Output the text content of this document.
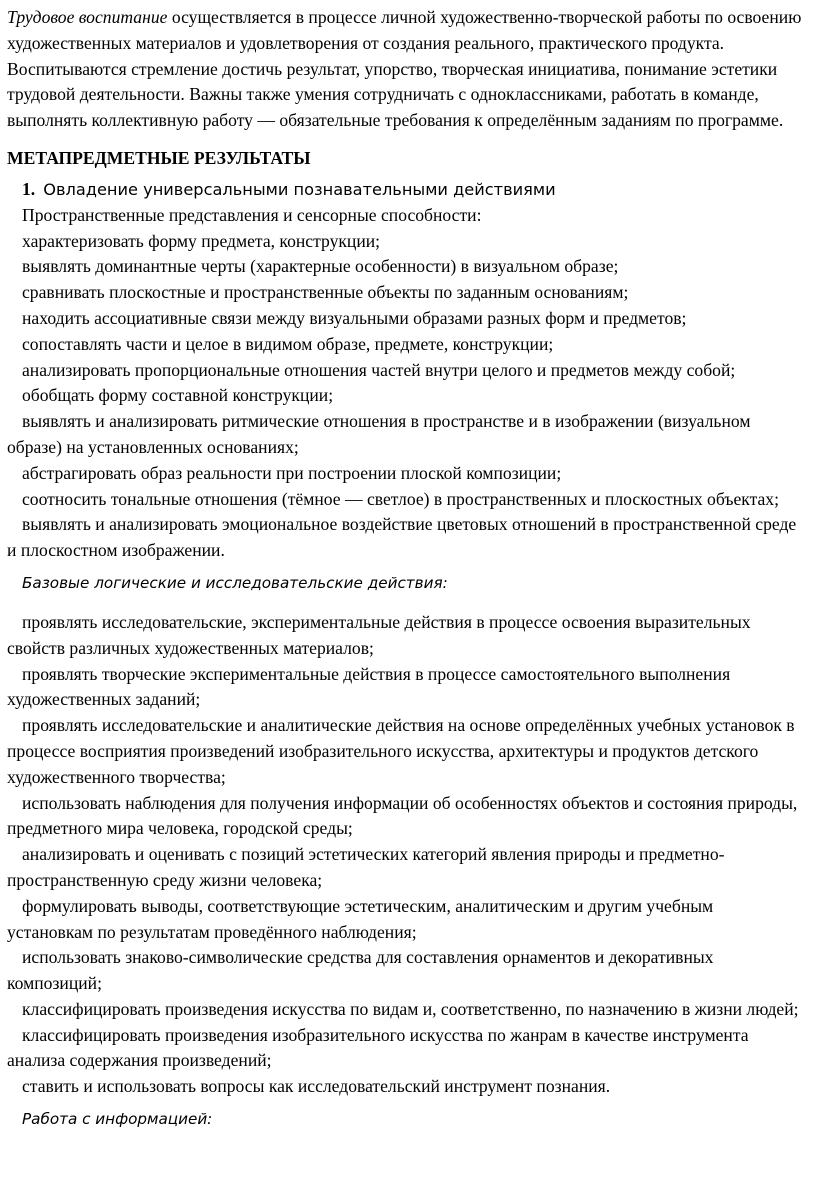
Трудовое воспитание осуществляется в процессе личной художественно-творческой работы по освоению художественных материалов и удовлетворения от создания реального, практического продукта. Воспитываются стремление достичь результат, упорство, творческая инициатива, понимание эстетики трудовой деятельности. Важны также умения сотрудничать с одноклассниками, работать в команде, выполнять коллективную работу — обязательные требования к определённым заданиям по программе.

МЕТАПРЕДМЕТНЫЕ РЕЗУЛЬТАТЫ

1. Овладение универсальными познавательными действиями

Пространственные представления и сенсорные способности:

характеризовать форму предмета, конструкции;

выявлять доминантные черты (характерные особенности) в визуальном образе;

сравнивать плоскостные и пространственные объекты по заданным основаниям;

находить ассоциативные связи между визуальными образами разных форм и предметов;

сопоставлять части и целое в видимом образе, предмете, конструкции;

анализировать пропорциональные отношения частей внутри целого и предметов между собой;

обобщать форму составной конструкции;

выявлять и анализировать ритмические отношения в пространстве и в изображении (визуальном образе) на установленных основаниях;

абстрагировать образ реальности при построении плоской композиции;

соотносить тональные отношения (тёмное — светлое) в пространственных и плоскостных объектах;

выявлять и анализировать эмоциональное воздействие цветовых отношений в пространственной среде и плоскостном изображении.

Базовые логические и исследовательские действия:

проявлять исследовательские, экспериментальные действия в процессе освоения выразительных свойств различных художественных материалов;

проявлять творческие экспериментальные действия в процессе самостоятельного выполнения художественных заданий;

проявлять исследовательские и аналитические действия на основе определённых учебных установок в процессе восприятия произведений изобразительного искусства, архитектуры и продуктов детского художественного творчества;

использовать наблюдения для получения информации об особенностях объектов и состояния природы, предметного мира человека, городской среды;

анализировать и оценивать с позиций эстетических категорий явления природы и предметно-пространственную среду жизни человека;

формулировать выводы, соответствующие эстетическим, аналитическим и другим учебным установкам по результатам проведённого наблюдения;

использовать знаково-символические средства для составления орнаментов и декоративных композиций;

классифицировать произведения искусства по видам и, соответственно, по назначению в жизни людей;

классифицировать произведения изобразительного искусства по жанрам в качестве инструмента анализа содержания произведений;

ставить и использовать вопросы как исследовательский инструмент познания.

Работа с информацией:
